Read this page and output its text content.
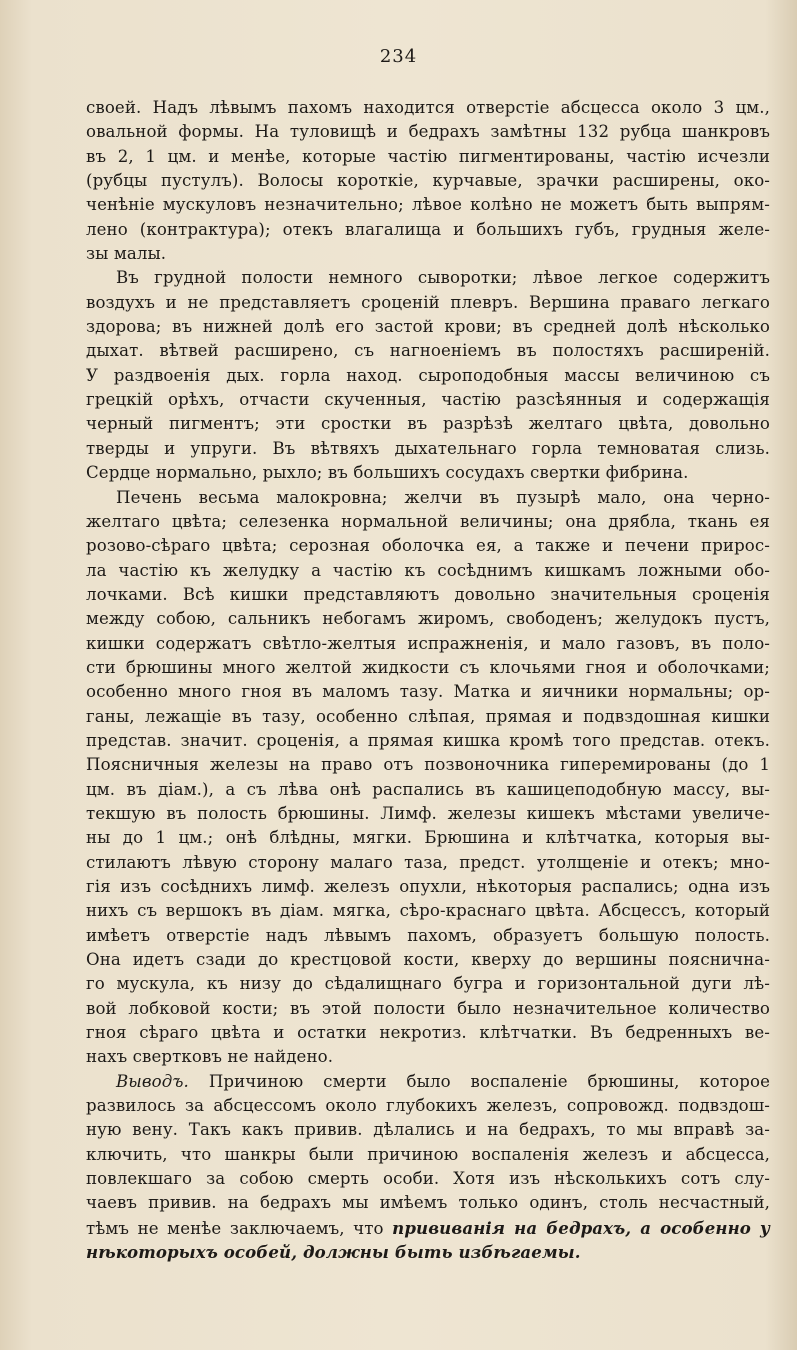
234
своей. Надъ лѣвымъ пахомъ находится отверстіе абсцесса около 3 цм.,
овальной формы. На туловищѣ и бедрахъ замѣтны 132 рубца шанкровъ
въ 2, 1 цм. и менѣе, которые частію пигментированы, частію исчезли
(рубцы пустулъ). Волосы короткіе, курчавые, зрачки расширены, око-
ченѣніе мускуловъ незначительно; лѣвое колѣно не можетъ быть выпрям-
лено (контрактура); отекъ влагалища и большихъ губъ, грудныя желе-
зы малы.
Въ грудной полости немного сыворотки; лѣвое легкое содержитъ
воздухъ и не представляетъ сроценій плевръ. Вершина праваго легкаго
здорова; въ нижней долѣ его застой крови; въ средней долѣ нѣсколько
дыхат. вѣтвей расширено, съ нагноеніемъ въ полостяхъ расширеній.
У раздвоенія дых. горла наход. сыроподобныя массы величиною съ
грецкій орѣхъ, отчасти скученныя, частію разсѣянныя и содержащія
черный пигментъ; эти сростки въ разрѣзѣ желтаго цвѣта, довольно
тверды и упруги. Въ вѣтвяхъ дыхательнаго горла темноватая слизь.
Сердце нормально, рыхло; въ большихъ сосудахъ свертки фибрина.
Печень весьма малокровна; желчи въ пузырѣ мало, она черно-
желтаго цвѣта; селезенка нормальной величины; она дрябла, ткань ея
розово-сѣраго цвѣта; серозная оболочка ея, а также и печени прирос-
ла частію къ желудку а частію къ сосѣднимъ кишкамъ ложными обо-
лочками. Всѣ кишки представляютъ довольно значительныя сроценія
между собою, сальникъ небогамъ жиромъ, свободенъ; желудокъ пустъ,
кишки содержатъ свѣтло-желтыя испражненія, и мало газовъ, въ поло-
сти брюшины много желтой жидкости съ клочьями гноя и оболочками;
особенно много гноя въ маломъ тазу. Матка и яичники нормальны; ор-
ганы, лежащіе въ тазу, особенно слѣпая, прямая и подвздошная кишки
представ. значит. сроценія, а прямая кишка кромѣ того представ. отекъ.
Поясничныя железы на право отъ позвоночника гиперемированы (до 1
цм. въ діам.), а съ лѣва онѣ распались въ кашицеподобную массу, вы-
текшую въ полость брюшины. Лимф. железы кишекъ мѣстами увеличе-
ны до 1 цм.; онѣ блѣдны, мягки. Брюшина и клѣтчатка, которыя вы-
стилаютъ лѣвую сторону малаго таза, предст. утолщеніе и отекъ; мно-
гія изъ сосѣднихъ лимф. железъ опухли, нѣкоторыя распались; одна изъ
нихъ съ вершокъ въ діам. мягка, сѣро-краснаго цвѣта. Абсцессъ, который
имѣетъ отверстіе надъ лѣвымъ пахомъ, образуетъ большую полость.
Она идетъ сзади до крестцовой кости, кверху до вершины поясничнa-
го мускула, къ низу до сѣдалищнаго бугра и горизонтальной дуги лѣ-
вой лобковой кости; въ этой полости было незначительное количество
гноя сѣраго цвѣта и остатки некротиз. клѣтчатки. Въ бедренныхъ ве-
нахъ свертковъ не найдено.
Выводъ. Причиною смерти было воспаленіе брюшины, которое
развилось за абсцессомъ около глубокихъ железъ, сопровожд. подвздош-
ную вену. Такъ какъ привив. дѣлались и на бедрахъ, то мы вправѣ за-
ключить, что шанкры были причиною воспаленія железъ и абсцесса,
повлекшаго за собою смерть особи. Хотя изъ нѣсколькихъ сотъ слу-
чаевъ привив. на бедрахъ мы имѣемъ только одинъ, столь несчастный,
тѣмъ не менѣе заключаемъ, что прививанія на бедрахъ, а особенно у
нѣкоторыхъ особей, должны быть избѣгаемы.
